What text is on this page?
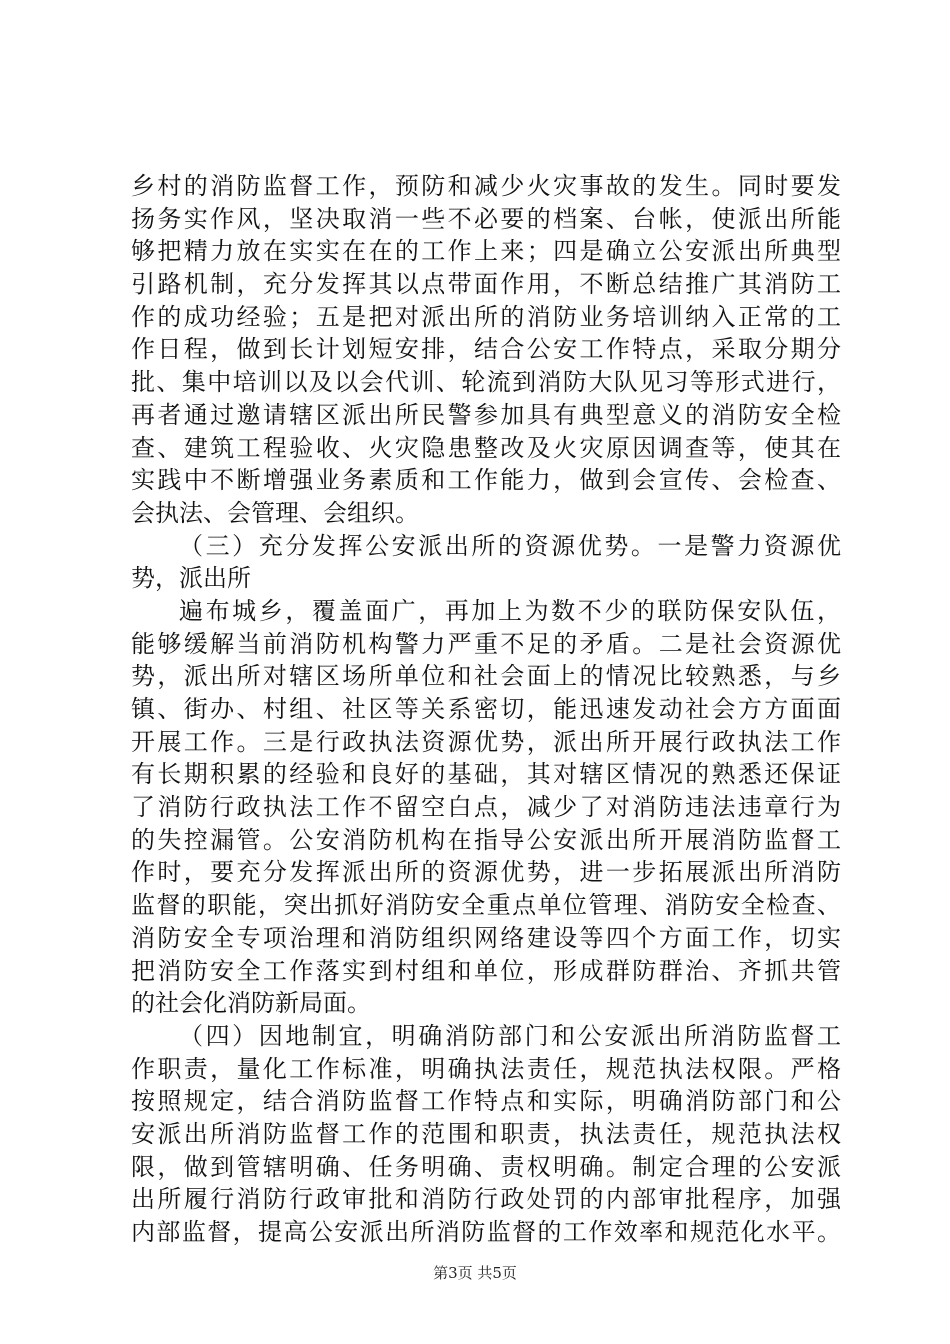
乡村的消防监督工作，预防和减少火灾事故的发生。同时要发
扬务实作风，坚决取消一些不必要的档案、台帐，使派出所能
够把精力放在实实在在的工作上来；四是确立公安派出所典型
引路机制，充分发挥其以点带面作用，不断总结推广其消防工
作的成功经验；五是把对派出所的消防业务培训纳入正常的工
作日程，做到长计划短安排，结合公安工作特点，采取分期分
批、集中培训以及以会代训、轮流到消防大队见习等形式进行，
再者通过邀请辖区派出所民警参加具有典型意义的消防安全检
查、建筑工程验收、火灾隐患整改及火灾原因调查等，使其在
实践中不断增强业务素质和工作能力，做到会宣传、会检查、
会执法、会管理、会组织。
（三）充分发挥公安派出所的资源优势。一是警力资源优
势，派出所
遍布城乡，覆盖面广，再加上为数不少的联防保安队伍，
能够缓解当前消防机构警力严重不足的矛盾。二是社会资源优
势，派出所对辖区场所单位和社会面上的情况比较熟悉，与乡
镇、街办、村组、社区等关系密切，能迅速发动社会方方面面
开展工作。三是行政执法资源优势，派出所开展行政执法工作
有长期积累的经验和良好的基础，其对辖区情况的熟悉还保证
了消防行政执法工作不留空白点，减少了对消防违法违章行为
的失控漏管。公安消防机构在指导公安派出所开展消防监督工
作时，要充分发挥派出所的资源优势，进一步拓展派出所消防
监督的职能，突出抓好消防安全重点单位管理、消防安全检查、
消防安全专项治理和消防组织网络建设等四个方面工作，切实
把消防安全工作落实到村组和单位，形成群防群治、齐抓共管
的社会化消防新局面。
（四）因地制宜，明确消防部门和公安派出所消防监督工
作职责，量化工作标准，明确执法责任，规范执法权限。严格
按照规定，结合消防监督工作特点和实际，明确消防部门和公
安派出所消防监督工作的范围和职责，执法责任，规范执法权
限，做到管辖明确、任务明确、责权明确。制定合理的公安派
出所履行消防行政审批和消防行政处罚的内部审批程序，加强
内部监督，提高公安派出所消防监督的工作效率和规范化水平。
第3页 共5页
